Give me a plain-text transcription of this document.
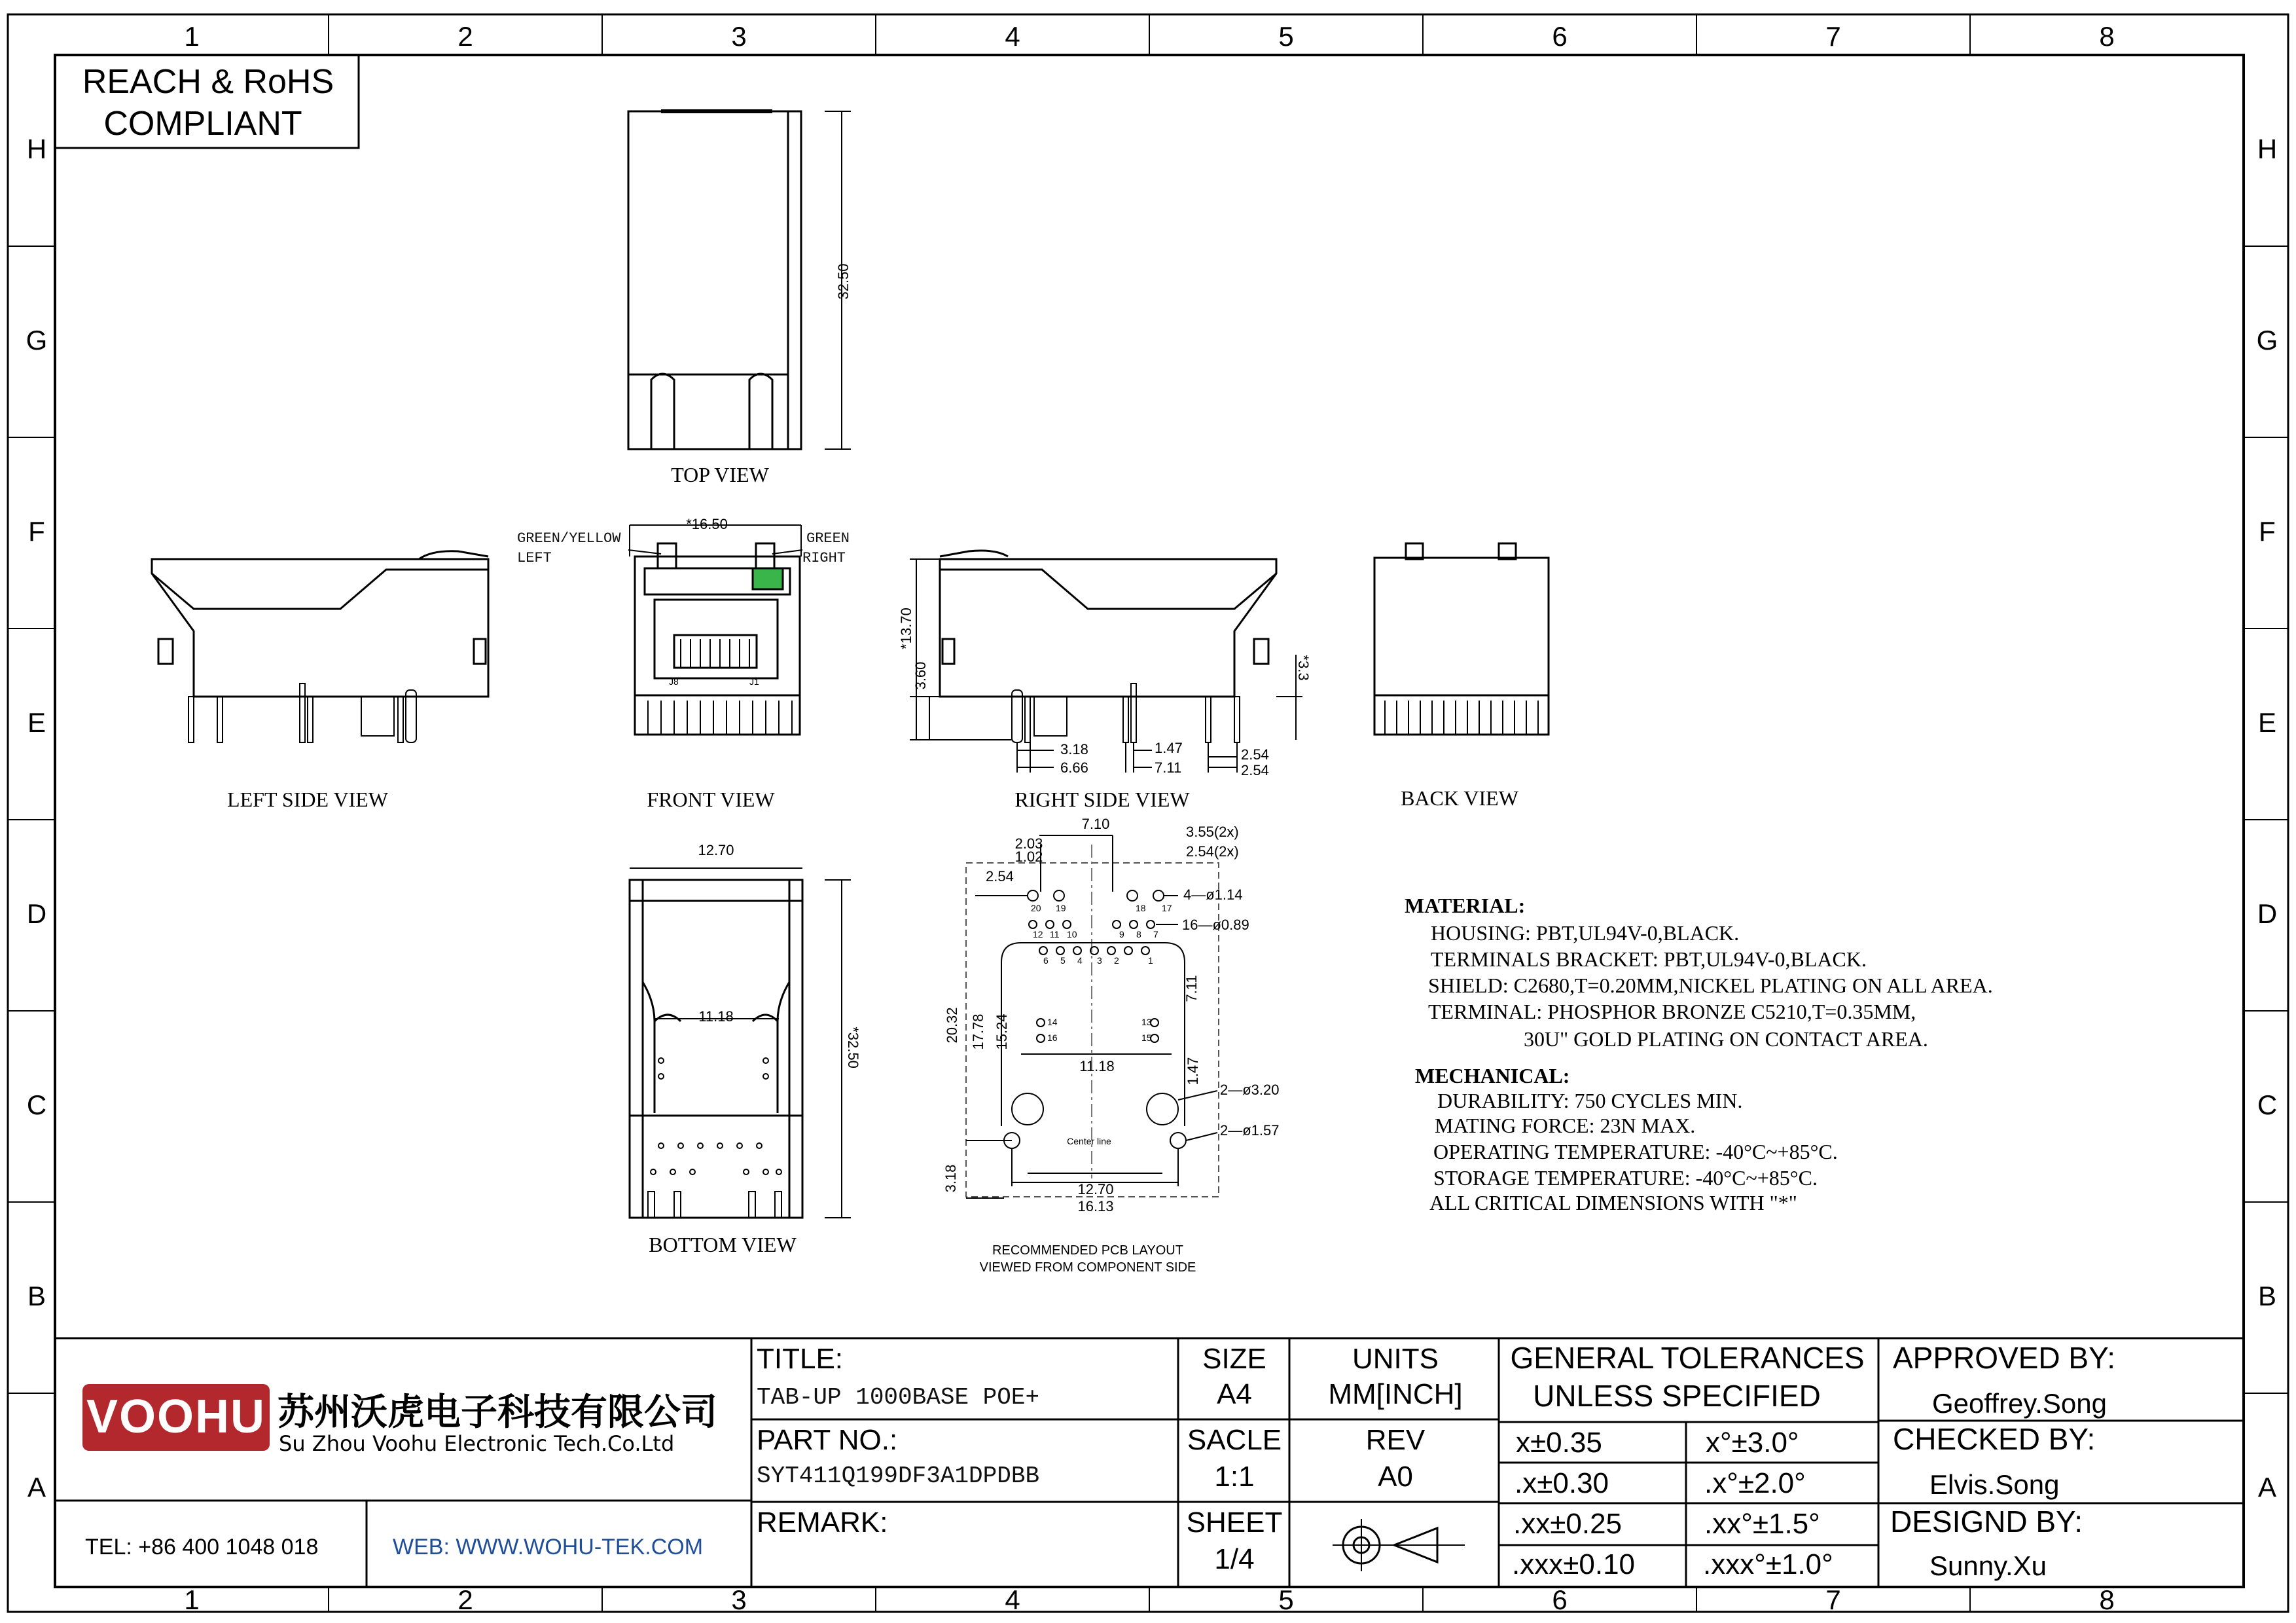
1	2	3	4	5	6	7	8
1	2	3	4	5	6	7	8
H
G
F
E
D
C
B
A
H
G
F
E
D
C
B
A
REACH & RoHS
COMPLIANT
32.50
TOP VIEW
LEFT SIDE VIEW
*16.50
GREEN/YELLOW
LEFT
GREEN
RIGHT
J8	J1
FRONT VIEW
*13.70
3.60	*3.3
3.18
6.66
1.47
7.11
2.54
2.54
RIGHT SIDE VIEW	BACK VIEW
12.70
11.18
*32.50
BOTTOM VIEW
20 19	18 17
12 11 10	9 8 7
6 5 4 3 2	1
14
16
13
15
7.10
2.03
1.02
3.55(2x)
2.54(2x)
2.54
4—ø1.14
16—ø0.89
7.11
20.32 17.78 15.24
11.18	1.47
2—ø3.20
2—ø1.57
12.70
16.13
3.18
Center line
RECOMMENDED PCB LAYOUT
VIEWED FROM COMPONENT SIDE
MATERIAL:
HOUSING: PBT,UL94V-0,BLACK.
TERMINALS BRACKET: PBT,UL94V-0,BLACK.
SHIELD: C2680,T=0.20MM,NICKEL PLATING ON ALL AREA.
TERMINAL: PHOSPHOR BRONZE C5210,T=0.35MM,
30U" GOLD PLATING ON CONTACT AREA.
MECHANICAL:
DURABILITY: 750 CYCLES MIN.
MATING FORCE: 23N MAX.
OPERATING TEMPERATURE: -40°C~+85°C.
STORAGE TEMPERATURE: -40°C~+85°C.
ALL CRITICAL DIMENSIONS WITH "*"
VOOHU 苏州沃虎电子科技有限公司
Su Zhou Voohu Electronic Tech.Co.Ltd
TEL: +86 400 1048 018	WEB: WWW.WOHU-TEK.COM
TITLE:
TAB-UP 1000BASE POE+
PART NO.:
SYT411Q199DF3A1DPDBB
REMARK:
SIZE
A4
SACLE
1:1
SHEET
1/4
UNITS
MM[INCH]
REV
A0
GENERAL TOLERANCES
UNLESS SPECIFIED
x±0.35	x°±3.0°
.x±0.30	.x°±2.0°
.xx±0.25	.xx°±1.5°
.xxx±0.10 .xxx°±1.0°
APPROVED BY:
Geoffrey.Song
CHECKED BY:
Elvis.Song
DESIGND BY:
Sunny.Xu
